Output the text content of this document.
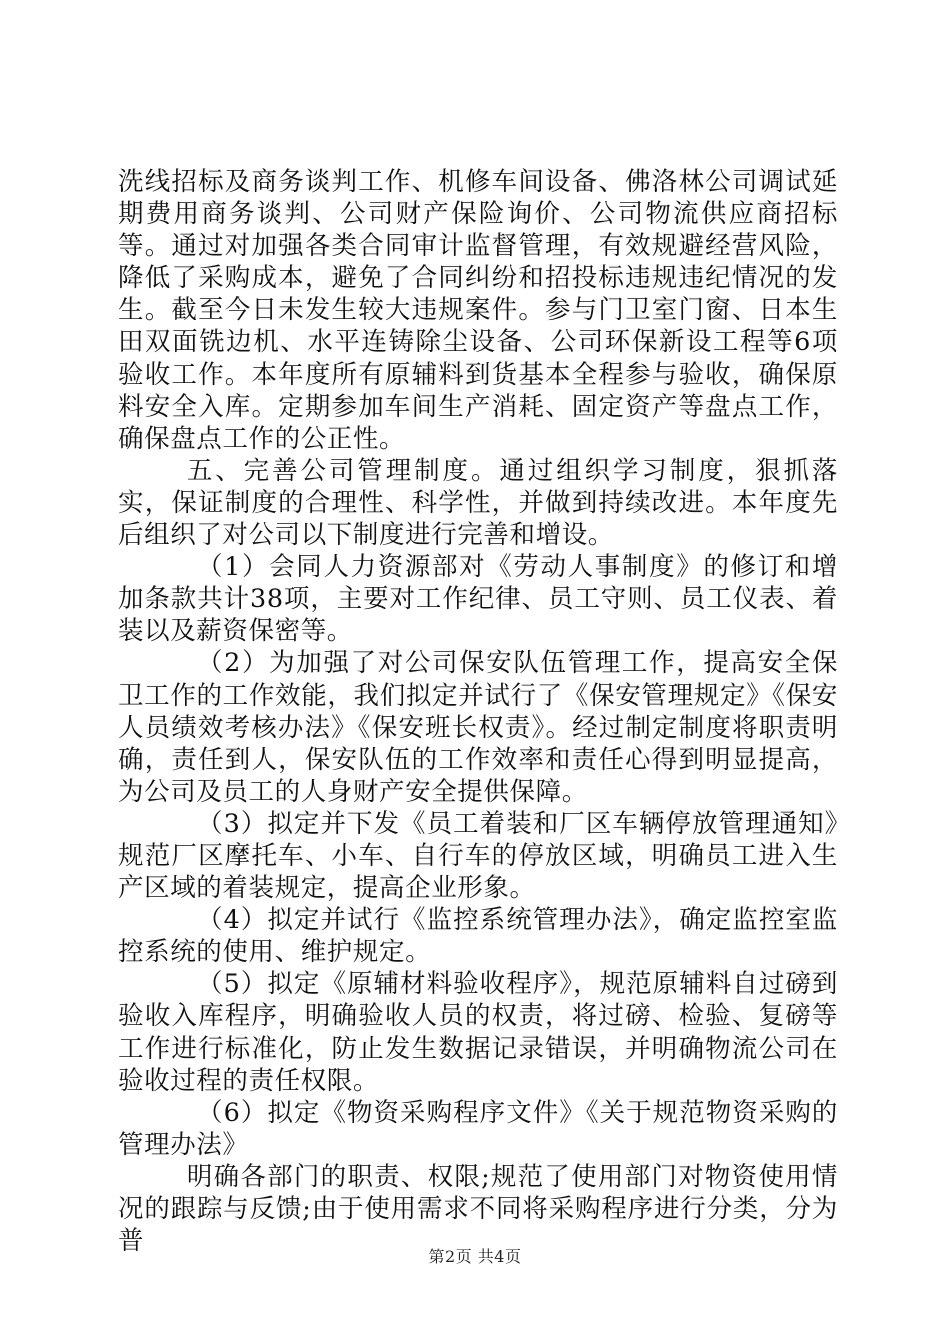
洗线招标及商务谈判工作、机修车间设备、佛洛林公司调试延期费用商务谈判、公司财产保险询价、公司物流供应商招标等。通过对加强各类合同审计监督管理，有效规避经营风险，降低了采购成本，避免了合同纠纷和招投标违规违纪情况的发生。截至今日未发生较大违规案件。参与门卫室门窗、日本生田双面铣边机、水平连铸除尘设备、公司环保新设工程等6项验收工作。本年度所有原辅料到货基本全程参与验收，确保原料安全入库。定期参加车间生产消耗、固定资产等盘点工作，确保盘点工作的公正性。

五、完善公司管理制度。通过组织学习制度，狠抓落实，保证制度的合理性、科学性，并做到持续改进。本年度先后组织了对公司以下制度进行完善和增设。

（1）会同人力资源部对《劳动人事制度》的修订和增加条款共计38项，主要对工作纪律、员工守则、员工仪表、着装以及薪资保密等。

（2）为加强了对公司保安队伍管理工作，提高安全保卫工作的工作效能，我们拟定并试行了《保安管理规定》《保安人员绩效考核办法》《保安班长权责》。经过制定制度将职责明确，责任到人，保安队伍的工作效率和责任心得到明显提高，为公司及员工的人身财产安全提供保障。

（3）拟定并下发《员工着装和厂区车辆停放管理通知》规范厂区摩托车、小车、自行车的停放区域，明确员工进入生产区域的着装规定，提高企业形象。

（4）拟定并试行《监控系统管理办法》，确定监控室监控系统的使用、维护规定。

（5）拟定《原辅材料验收程序》，规范原辅料自过磅到验收入库程序，明确验收人员的权责，将过磅、检验、复磅等工作进行标准化，防止发生数据记录错误，并明确物流公司在验收过程的责任权限。

（6）拟定《物资采购程序文件》《关于规范物资采购的管理办法》

明确各部门的职责、权限;规范了使用部门对物资使用情况的跟踪与反馈;由于使用需求不同将采购程序进行分类，分为普

第2页 共4页
